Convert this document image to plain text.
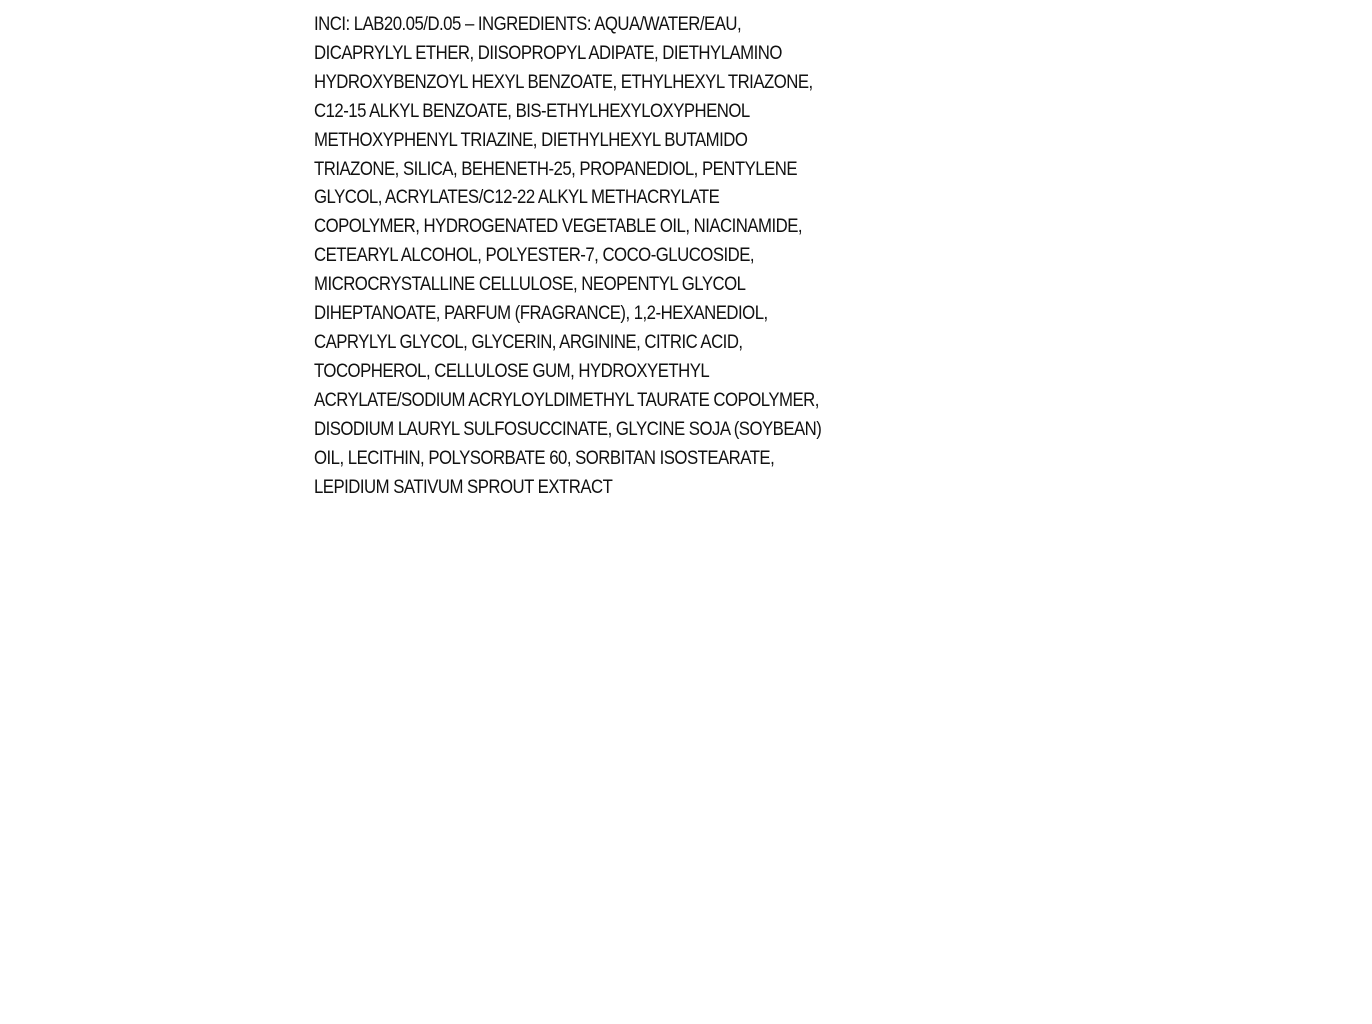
INCI: LAB20.05/D.05 – INGREDIENTS: AQUA/WATER/EAU,
DICAPRYLYL ETHER, DIISOPROPYL ADIPATE, DIETHYLAMINO
HYDROXYBENZOYL HEXYL BENZOATE, ETHYLHEXYL TRIAZONE,
C12-15 ALKYL BENZOATE, BIS-ETHYLHEXYLOXYPHENOL
METHOXYPHENYL TRIAZINE, DIETHYLHEXYL BUTAMIDO
TRIAZONE, SILICA, BEHENETH-25, PROPANEDIOL, PENTYLENE
GLYCOL, ACRYLATES/C12-22 ALKYL METHACRYLATE
COPOLYMER, HYDROGENATED VEGETABLE OIL, NIACINAMIDE,
CETEARYL ALCOHOL, POLYESTER-7, COCO-GLUCOSIDE,
MICROCRYSTALLINE CELLULOSE, NEOPENTYL GLYCOL
DIHEPTANOATE, PARFUM (FRAGRANCE), 1,2-HEXANEDIOL,
CAPRYLYL GLYCOL, GLYCERIN, ARGININE, CITRIC ACID,
TOCOPHEROL, CELLULOSE GUM, HYDROXYETHYL
ACRYLATE/SODIUM ACRYLOYLDIMETHYL TAURATE COPOLYMER,
DISODIUM LAURYL SULFOSUCCINATE, GLYCINE SOJA (SOYBEAN)
OIL, LECITHIN, POLYSORBATE 60, SORBITAN ISOSTEARATE,
LEPIDIUM SATIVUM SPROUT EXTRACT
